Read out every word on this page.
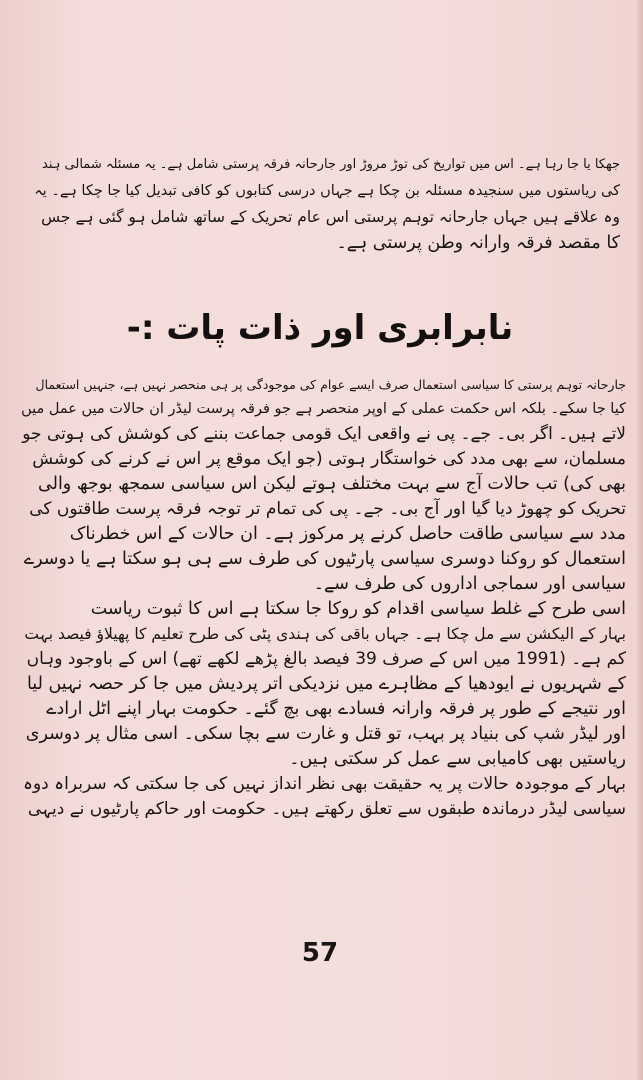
جھکا یا جا رہا ہے۔ اس میں تواریخ کی توڑ مروڑ اور جارحانہ فرقہ پرستی شامل ہے۔ یہ مسئلہ شمالی ہند
کی ریاستوں میں سنجیدہ مسئلہ بن چکا ہے جہاں درسی کتابوں کو کافی تبدیل کیا جا چکا ہے۔ یہ
وہ علاقے ہیں جہاں جارحانہ توہم پرستی اس عام تحریک کے ساتھ شامل ہو گئی ہے جس
کا مقصد فرقہ وارانہ وطن پرستی ہے۔
نابرابری اور ذات پات :-
جارحانہ توہم پرستی کا سیاسی استعمال صرف ایسے عوام کی موجودگی پر ہی منحصر نہیں ہے، جنہیں استعمال
کیا جا سکے۔ بلکہ اس حکمت عملی کے اوپر منحصر ہے جو فرقہ پرست لیڈر ان حالات میں عمل میں
لاتے ہیں۔ اگر بی۔ جے۔ پی نے واقعی ایک قومی جماعت بننے کی کوشش کی ہوتی جو
مسلمان، سے بھی مدد کی خواستگار ہوتی (جو ایک موقع پر اس نے کرنے کی کوشش
بھی کی) تب حالات آج سے بہت مختلف ہوتے لیکن اس سیاسی سمجھ بوجھ والی
تحریک کو چھوڑ دیا گیا اور آج بی۔ جے۔ پی کی تمام تر توجہ فرقہ پرست طاقتوں کی
مدد سے سیاسی طاقت حاصل کرنے پر مرکوز ہے۔ ان حالات کے اس خطرناک
استعمال کو روکنا دوسری سیاسی پارٹیوں کی طرف سے ہی ہو سکتا ہے یا دوسرے
سیاسی اور سماجی اداروں کی طرف سے۔
اسی طرح کے غلط سیاسی اقدام کو روکا جا سکتا ہے اس کا ثبوت ریاست
بہار کے الیکشن سے مل چکا ہے۔ جہاں باقی کی ہندی پٹی کی طرح تعلیم کا پھیلاؤ فیصد بہت
کم ہے۔ (1991 میں اس کے صرف 39 فیصد بالغ پڑھے لکھے تھے) اس کے باوجود وہاں
کے شہریوں نے ایودھیا کے مظاہرے میں نزدیکی اتر پردیش میں جا کر حصہ نہیں لیا
اور نتیجے کے طور پر فرقہ وارانہ فسادے بھی بچ گئے۔ حکومت بہار اپنے اٹل ارادے
اور لیڈر شپ کی بنیاد پر بہب، تو قتل و غارت سے بچا سکی۔ اسی مثال پر دوسری
ریاستیں بھی کامیابی سے عمل کر سکتی ہیں۔
بہار کے موجودہ حالات پر یہ حقیقت بھی نظر انداز نہیں کی جا سکتی کہ سربراہ دوہ
سیاسی لیڈر درماندہ طبقوں سے تعلق رکھتے ہیں۔ حکومت اور حاکم پارٹیوں نے دیہی
57
